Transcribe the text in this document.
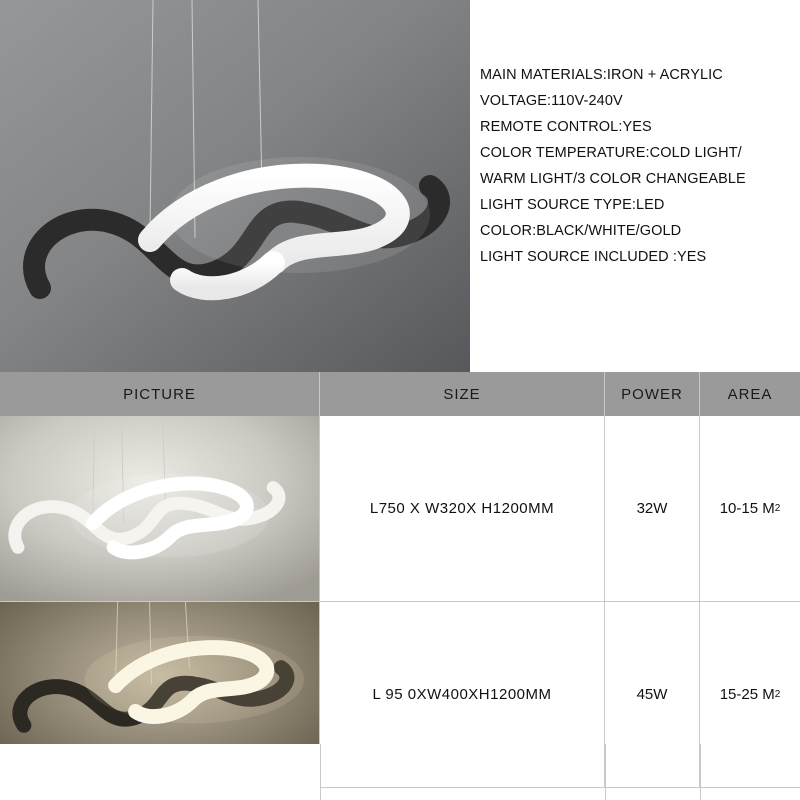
MAIN MATERIALS:IRON + ACRYLIC
VOLTAGE:110V-240V
REMOTE CONTROL:YES
COLOR TEMPERATURE:COLD LIGHT/
WARM LIGHT/3 COLOR CHANGEABLE
LIGHT SOURCE TYPE:LED
COLOR:BLACK/WHITE/GOLD
LIGHT SOURCE INCLUDED :YES
PICTURE	SIZE	POWER	AREA
L750 X W320X H1200MM	32W	10-15 M 2
L 95 0XW400XH1200MM	45W	15-25 M 2
